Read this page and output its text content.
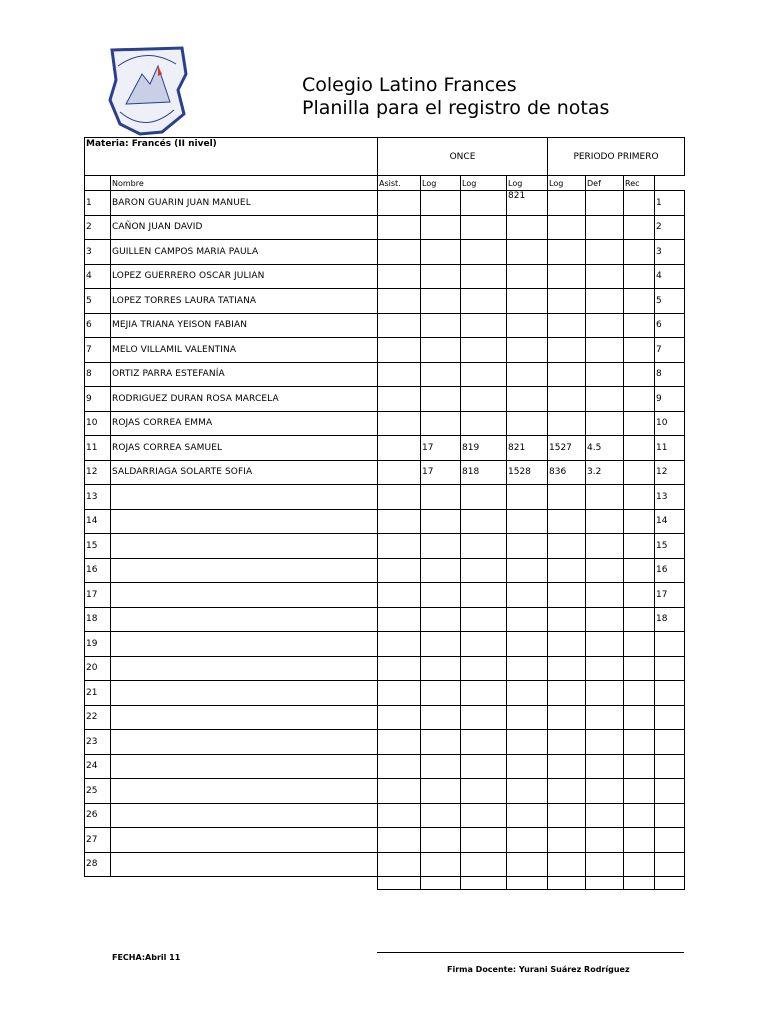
Colegio Latino Frances
Planilla para el registro de notas
Materia: Francés (II nivel)		ONCE				PERIODO PRIMERO			
	Nombre	Asist.	Log	Log	Log	Log	Def	Rec	
1	BARON GUARIN JUAN MANUEL				821				1
2	CAÑON JUAN DAVID								2
3	GUILLEN CAMPOS MARIA PAULA								3
4	LOPEZ GUERRERO OSCAR JULIAN								4
5	LOPEZ TORRES LAURA TATIANA								5
6	MEJIA TRIANA YEISON FABIAN								6
7	MELO VILLAMIL VALENTINA								7
8	ORTIZ PARRA ESTEFANÍA								8
9	RODRIGUEZ DURAN ROSA MARCELA								9
10	ROJAS CORREA EMMA								10
11	ROJAS CORREA SAMUEL		17	819	821	1527	4.5		11
12	SALDARRIAGA SOLARTE SOFIA		17	818	1528	836	3.2		12
13									13
14									14
15									15
16									16
17									17
18									18
19									
20									
21									
22									
23									
24									
25									
26									
27									
28									

FECHA:Abril 11
Firma Docente: Yurani Suárez Rodríguez
